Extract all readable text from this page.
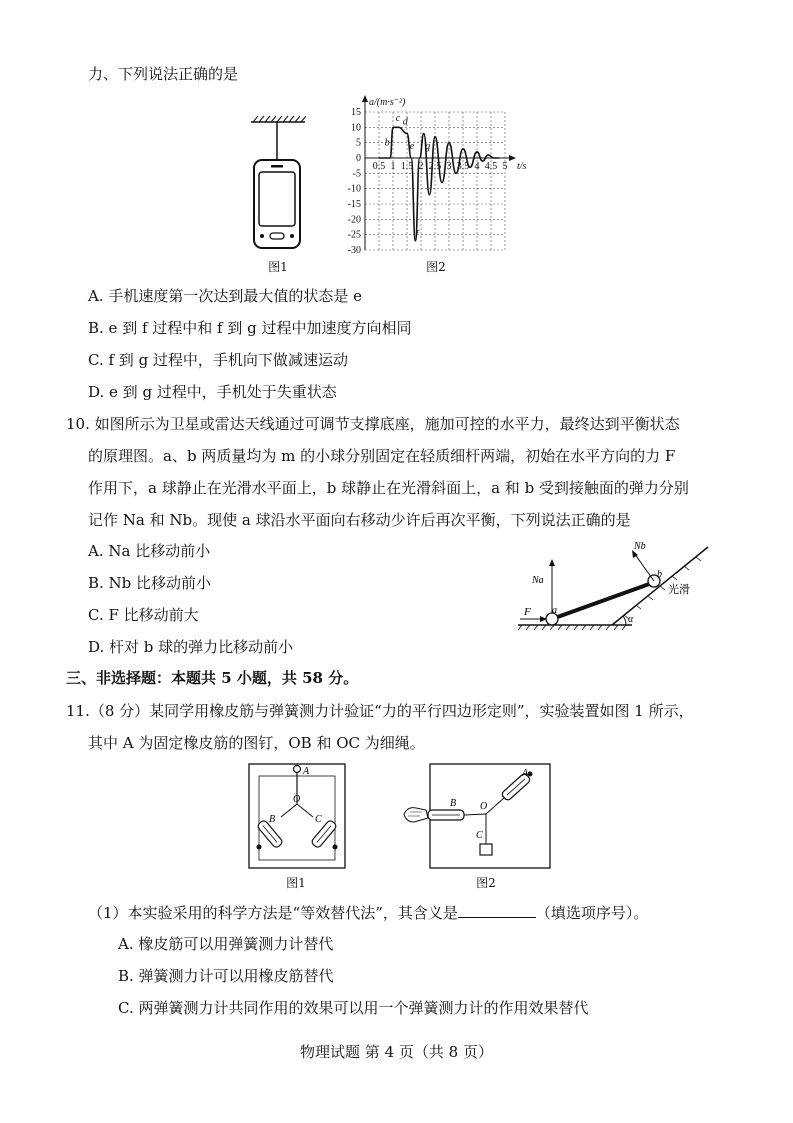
力、下列说法正确的是
图1
15
10
5
0
-5
-10
-15
-20
-25
-30
0.5 1 1.5 2 2.5 3 3.5 4 4.5 5
a/(m·s⁻²)
t/s
b
c d
e
f
g
图2
A. 手机速度第一次达到最大值的状态是 e
B. e 到 f 过程中和 f 到 g 过程中加速度方向相同
C. f 到 g 过程中，手机向下做减速运动
D. e 到 g 过程中，手机处于失重状态
10. 如图所示为卫星或雷达天线通过可调节支撑底座，施加可控的水平力，最终达到平衡状态
的原理图。a、b 两质量均为 m 的小球分别固定在轻质细杆两端，初始在水平方向的力 F
作用下，a 球静止在光滑水平面上，b 球静止在光滑斜面上，a 和 b 受到接触面的弹力分别
记作 Na 和 Nb。现使 a 球沿水平面向右移动少许后再次平衡，下列说法正确的是
A. Na 比移动前小
B. Nb 比移动前小
C. F 比移动前大
D. 杆对 b 球的弹力比移动前小
α
Nb
Na
b
a
F
光滑
三、非选择题：本题共 5 小题，共 58 分。
11.（8 分）某同学用橡皮筋与弹簧测力计验证“力的平行四边形定则”，实验装置如图 1 所示，
其中 A 为固定橡皮筋的图钉，OB 和 OC 为细绳。
A
O
B	C
图1
A
O
B
C
图2
（1）本实验采用的科学方法是“等效替代法”，其含义是	（填选项序号）。
A. 橡皮筋可以用弹簧测力计替代
B. 弹簧测力计可以用橡皮筋替代
C. 两弹簧测力计共同作用的效果可以用一个弹簧测力计的作用效果替代
物理试题 第 4 页（共 8 页）
